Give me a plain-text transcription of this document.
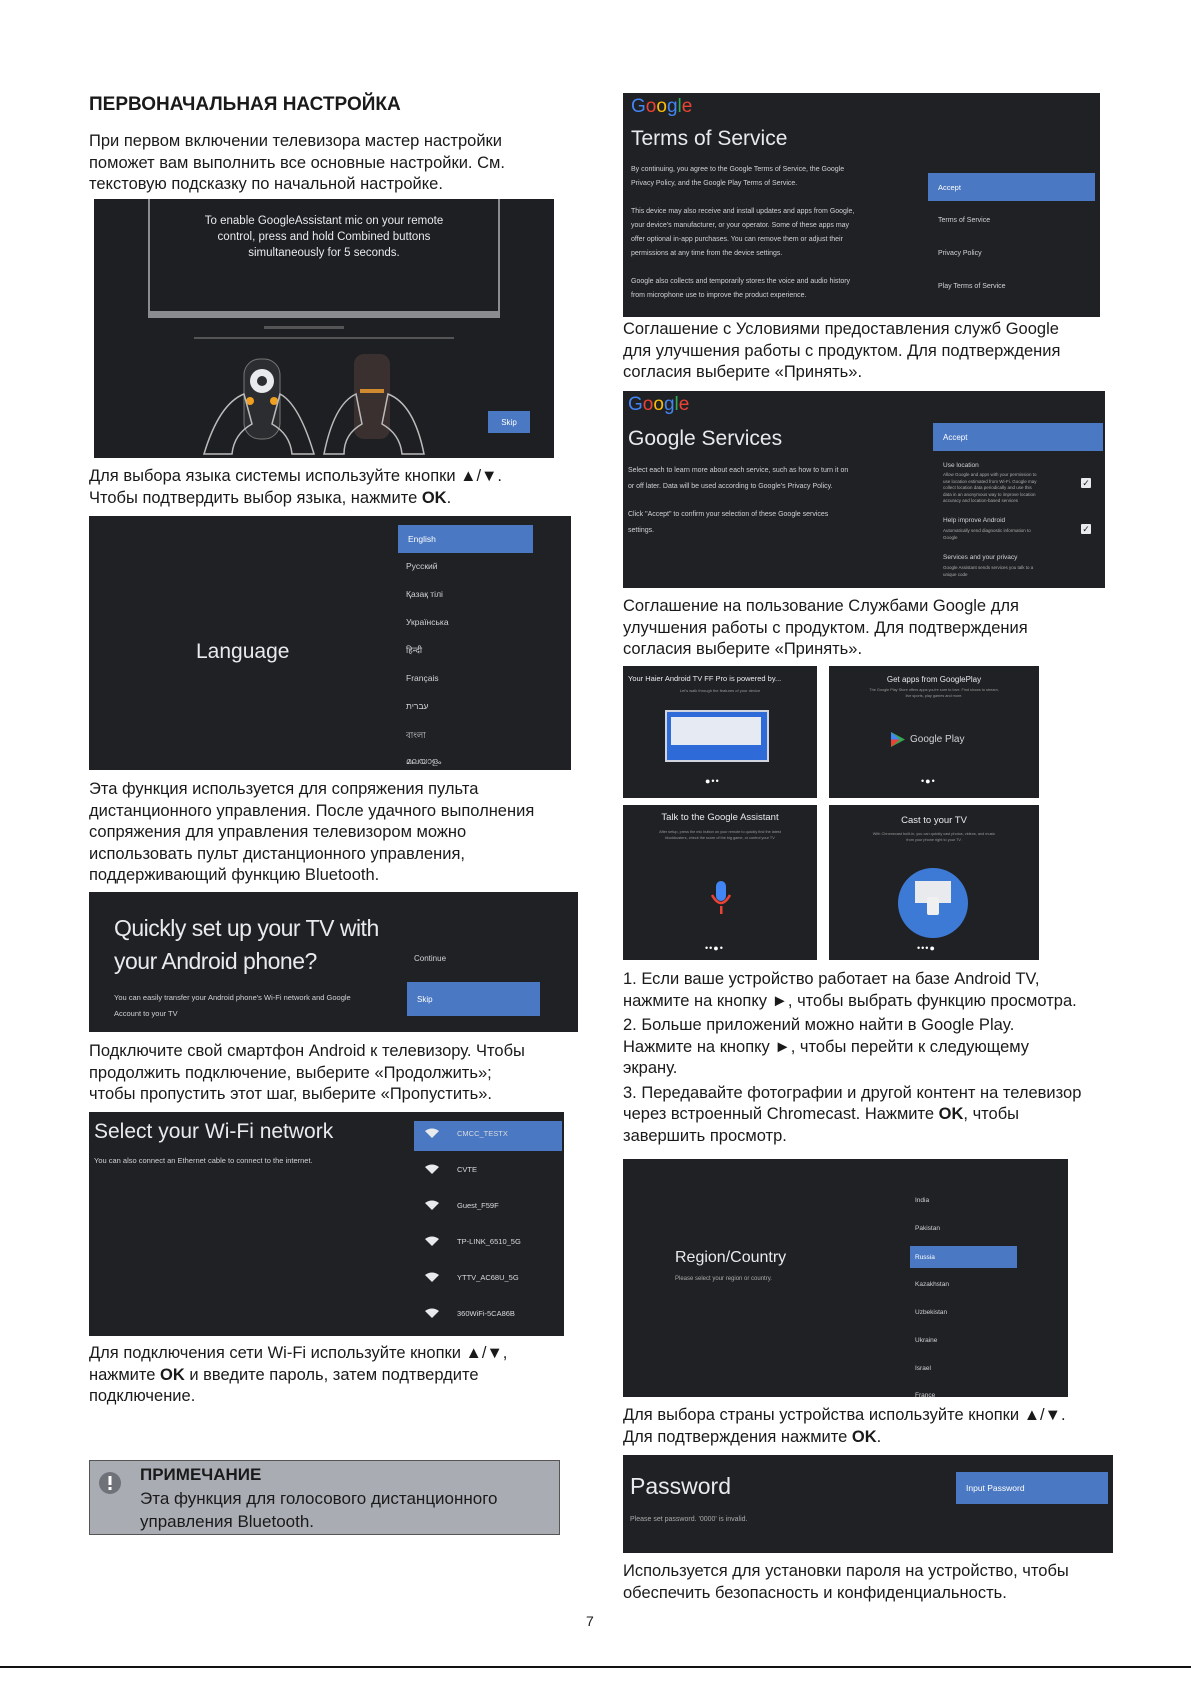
ПЕРВОНАЧАЛЬНАЯ НАСТРОЙКА
При первом включении телевизора мастер настройки
поможет вам выполнить все основные настройки. См.
текстовую подсказку по начальной настройке.
To enable GoogleAssistant mic on your remote
control, press and hold Combined buttons
simultaneously for 5 seconds.
Skip
Для выбора языка системы используйте кнопки ▲/▼.
Чтобы подтвердить выбор языка, нажмите OK.
Language
English
Русский
Қазақ тілі
Українська
हिन्दी
Français
עברית
বাংলা
മലയാളം
Эта функция используется для сопряжения пульта
дистанционного управления. После удачного выполнения
сопряжения для управления телевизором можно
использовать пульт дистанционного управления,
поддерживающий функцию Bluetooth.
Quickly set up your TV with
your Android phone?
You can easily transfer your Android phone's Wi-Fi network and Google
Account to your TV
Continue
Skip
Подключите свой смартфон Android к телевизору. Чтобы
продолжить подключение, выберите «Продолжить»;
чтобы пропустить этот шаг, выберите «Пропустить».
Select your Wi-Fi network
You can also connect an Ethernet cable to connect to the internet.
CMCC_TESTX
CVTE
Guest_F59F
TP-LINK_6510_5G
YTTV_AC68U_5G
360WiFi-5CA86B
Для подключения сети Wi-Fi используйте кнопки ▲/▼,
нажмите OK и введите пароль, затем подтвердите
подключение.
ПРИМЕЧАНИЕ
Эта функция для голосового дистанционного
управления Bluetooth.
Google
Terms of Service
By continuing, you agree to the Google Terms of Service, the Google
Privacy Policy, and the Google Play Terms of Service.
This device may also receive and install updates and apps from Google,
your device's manufacturer, or your operator. Some of these apps may
offer optional in-app purchases. You can remove them or adjust their
permissions at any time from the device settings.
Google also collects and temporarily stores the voice and audio history
from microphone use to improve the product experience.
Accept
Terms of Service
Privacy Policy
Play Terms of Service
Соглашение с Условиями предоставления служб Google
для улучшения работы с продуктом. Для подтверждения
согласия выберите «Принять».
Google
Google Services
Select each to learn more about each service, such as how to turn it on
or off later. Data will be used according to Google's Privacy Policy.
Click "Accept" to confirm your selection of these Google services
settings.
Accept
Use location
Allow Google and apps with your permission to
use location estimated from Wi-Fi. Google may
collect location data periodically and use this
data in an anonymous way to improve location
accuracy and location-based services
✓
Help improve Android
Automatically send diagnostic information to
Google
✓
Services and your privacy
Google Assistant sends services you talk to a
unique code
Соглашение на пользование Службами Google для
улучшения работы с продуктом. Для подтверждения
согласия выберите «Принять».
Your Haier Android TV FF Pro is powered by...
Let's walk through the features of your device
●••
Get apps from GooglePlay
The Google Play Store offers apps you're sure to love. Find shows to stream,
live sports, play games and more.
Google Play
•●•
Talk to the Google Assistant
After setup, press the mic button on your remote to quickly find the latest
blockbusters, check the score of the big game, or control your TV
••●•
Cast to your TV
With Chromecast built-in, you can quickly cast photos, videos, and music
from your phone right to your TV.
•••●
1. Если ваше устройство работает на базе Android TV,
нажмите на кнопку ►, чтобы выбрать функцию просмотра.
2. Больше приложений можно найти в Google Play.
Нажмите на кнопку ►, чтобы перейти к следующему
экрану.
3. Передавайте фотографии и другой контент на телевизор
через встроенный Chromecast. Нажмите OK, чтобы
завершить просмотр.
Region/Country
Please select your region or country.
Russia
India
Pakistan
Kazakhstan
Uzbekistan
Ukraine
Israel
France
Для выбора страны устройства используйте кнопки ▲/▼.
Для подтверждения нажмите OK.
Password
Please set password. '0000' is invalid.
Input Password
Используется для установки пароля на устройство, чтобы
обеспечить безопасность и конфиденциальность.
7
